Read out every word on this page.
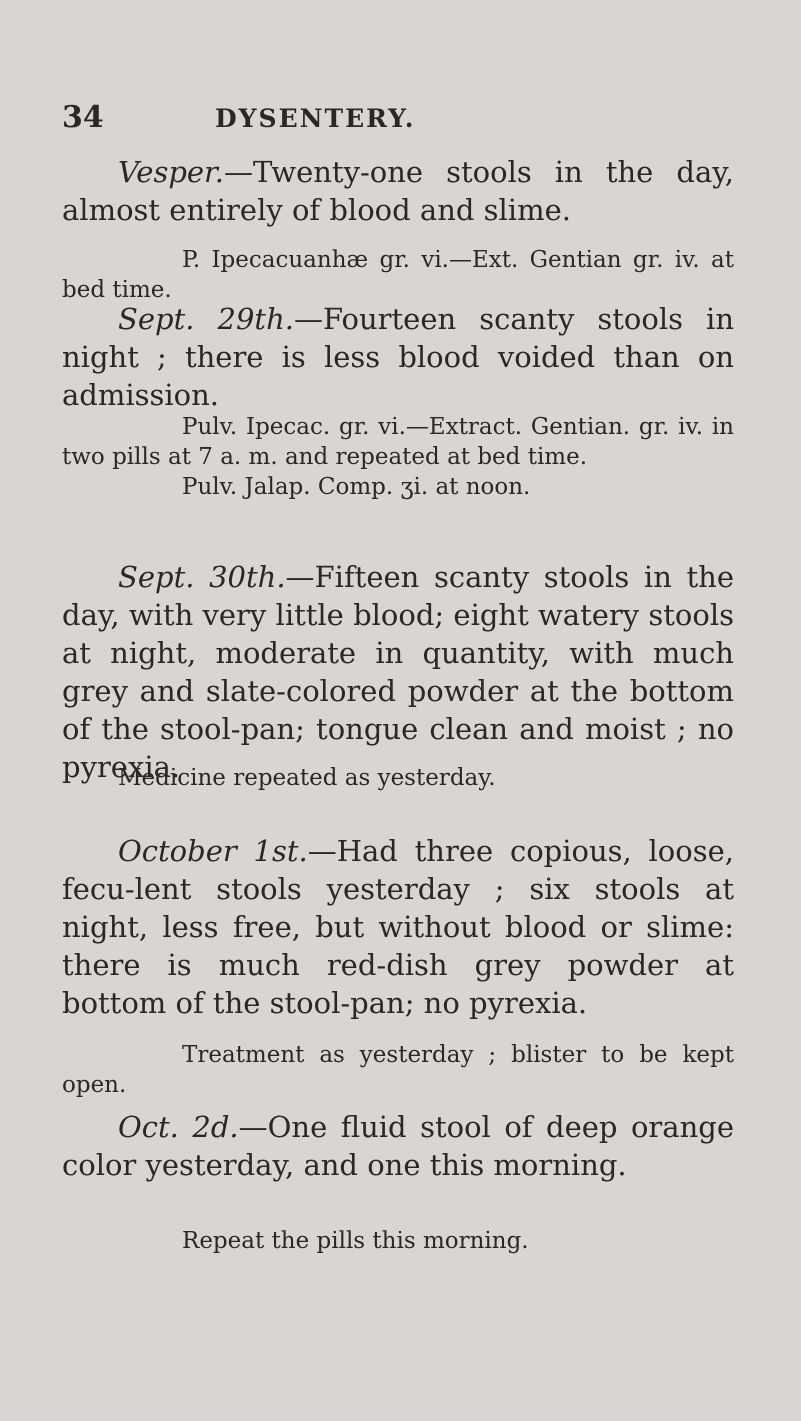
34	DYSENTERY.
Vesper.—Twenty-one stools in the day, almost entirely of blood and slime.
P. Ipecacuanhæ gr. vi.—Ext. Gentian gr. iv. at bed time.
Sept. 29th.—Fourteen scanty stools in night ; there is less blood voided than on admission.
Pulv. Ipecac. gr. vi.—Extract. Gentian. gr. iv. in two pills at 7 a. m. and repeated at bed time.
Pulv. Jalap. Comp. ʒi. at noon.
Sept. 30th.—Fifteen scanty stools in the day, with very little blood; eight watery stools at night, moderate in quantity, with much grey and slate-colored powder at the bottom of the stool-pan; tongue clean and moist ; no pyrexia.
Medicine repeated as yesterday.
October 1st.—Had three copious, loose, fecu-lent stools yesterday ; six stools at night, less free, but without blood or slime: there is much red-dish grey powder at bottom of the stool-pan; no pyrexia.
Treatment as yesterday ; blister to be kept open.
Oct. 2d.—One fluid stool of deep orange color yesterday, and one this morning.
Repeat the pills this morning.
